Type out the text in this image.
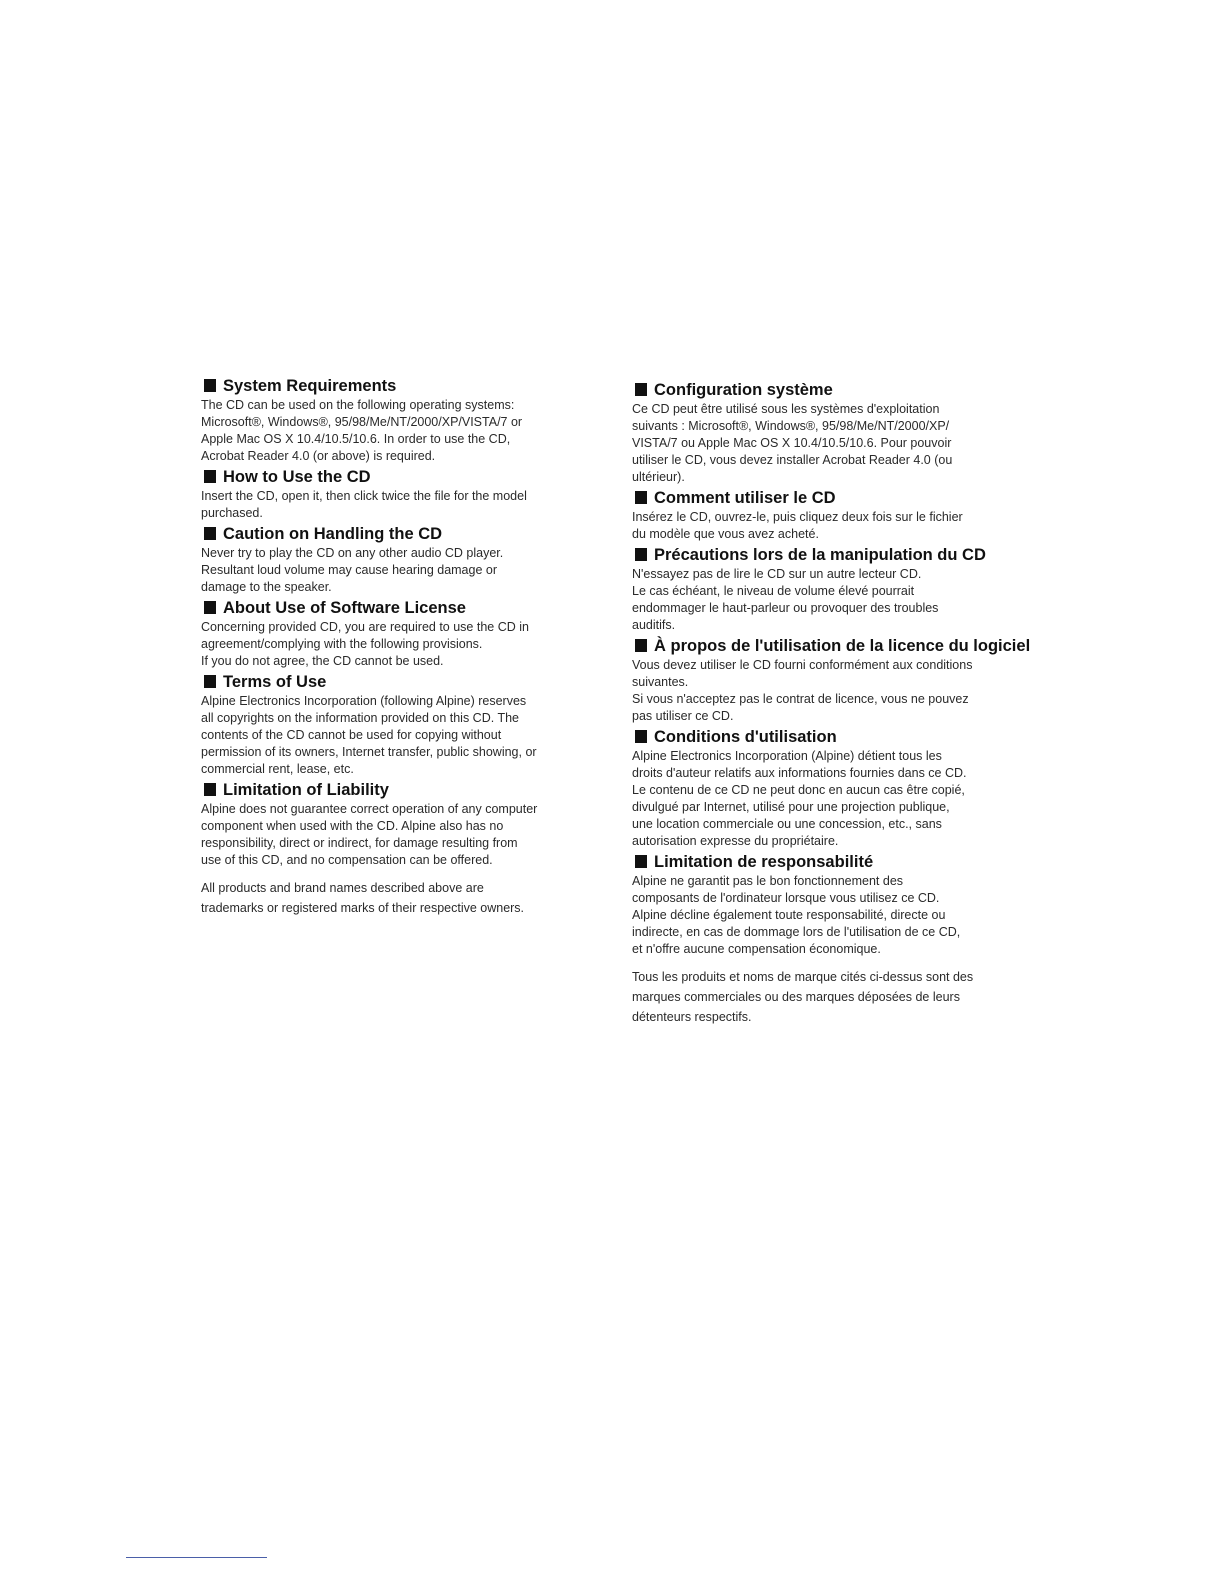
System Requirements

The CD can be used on the following operating systems:
Microsoft®, Windows®, 95/98/Me/NT/2000/XP/VISTA/7 or
Apple Mac OS X 10.4/10.5/10.6. In order to use the CD,
Acrobat Reader 4.0 (or above) is required.

How to Use the CD

Insert the CD, open it, then click twice the file for the model
purchased.

Caution on Handling the CD

Never try to play the CD on any other audio CD player.
Resultant loud volume may cause hearing damage or
damage to the speaker.

About Use of Software License

Concerning provided CD, you are required to use the CD in
agreement/complying with the following provisions.
If you do not agree, the CD cannot be used.

Terms of Use

Alpine Electronics Incorporation (following Alpine) reserves
all copyrights on the information provided on this CD. The
contents of the CD cannot be used for copying without
permission of its owners, Internet transfer, public showing, or
commercial rent, lease, etc.

Limitation of Liability

Alpine does not guarantee correct operation of any computer
component when used with the CD. Alpine also has no
responsibility, direct or indirect, for damage resulting from
use of this CD, and no compensation can be offered.

All products and brand names described above are
trademarks or registered marks of their respective owners.
Configuration système

Ce CD peut être utilisé sous les systèmes d'exploitation
suivants : Microsoft®, Windows®, 95/98/Me/NT/2000/XP/
VISTA/7 ou Apple Mac OS X 10.4/10.5/10.6. Pour pouvoir
utiliser le CD, vous devez installer Acrobat Reader 4.0 (ou
ultérieur).

Comment utiliser le CD

Insérez le CD, ouvrez-le, puis cliquez deux fois sur le fichier
du modèle que vous avez acheté.

Précautions lors de la manipulation du CD

N'essayez pas de lire le CD sur un autre lecteur CD.
Le cas échéant, le niveau de volume élevé pourrait
endommager le haut-parleur ou provoquer des troubles
auditifs.

À propos de l'utilisation de la licence du logiciel

Vous devez utiliser le CD fourni conformément aux conditions
suivantes.
Si vous n'acceptez pas le contrat de licence, vous ne pouvez
pas utiliser ce CD.

Conditions d'utilisation

Alpine Electronics Incorporation (Alpine) détient tous les
droits d'auteur relatifs aux informations fournies dans ce CD.
Le contenu de ce CD ne peut donc en aucun cas être copié,
divulgué par Internet, utilisé pour une projection publique,
une location commerciale ou une concession, etc., sans
autorisation expresse du propriétaire.

Limitation de responsabilité

Alpine ne garantit pas le bon fonctionnement des
composants de l'ordinateur lorsque vous utilisez ce CD.
Alpine décline également toute responsabilité, directe ou
indirecte, en cas de dommage lors de l'utilisation de ce CD,
et n'offre aucune compensation économique.

Tous les produits et noms de marque cités ci-dessus sont des
marques commerciales ou des marques déposées de leurs
détenteurs respectifs.
